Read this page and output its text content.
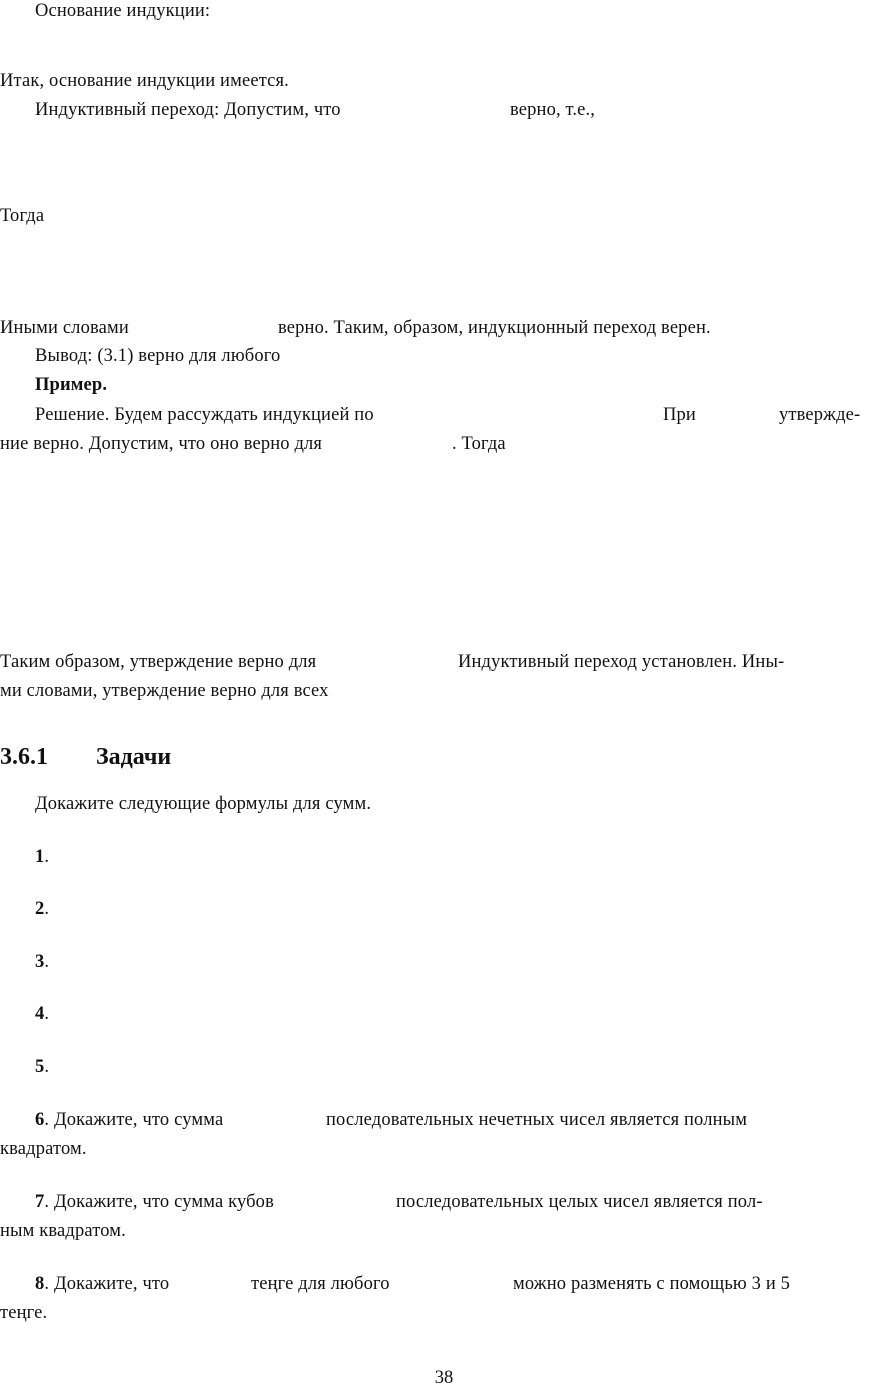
Основание индукции:
Итак, основание индукции имеется.
Индуктивный переход: Допустим, что	верно, т.е.,
Тогда
Иными словами	верно. Таким, образом, индукционный переход верен.
Вывод: (3.1) верно для любого
Пример.
Решение. Будем рассуждать индукцией по	При	утвержде-
ние верно. Допустим, что оно верно для	. Тогда
Таким образом, утверждение верно для	Индуктивный переход установлен. Ины-
ми словами, утверждение верно для всех
3.6.1 Задачи
Докажите следующие формулы для сумм.
1.
2.
3.
4.
5.
6. Докажите, что сумма	последовательных нечетных чисел является полным
квадратом.
7. Докажите, что сумма кубов	последовательных целых чисел является пол-
ным квадратом.
8. Докажите, что	теңге для любого	можно разменять с помощью 3 и 5
теңге.
38
